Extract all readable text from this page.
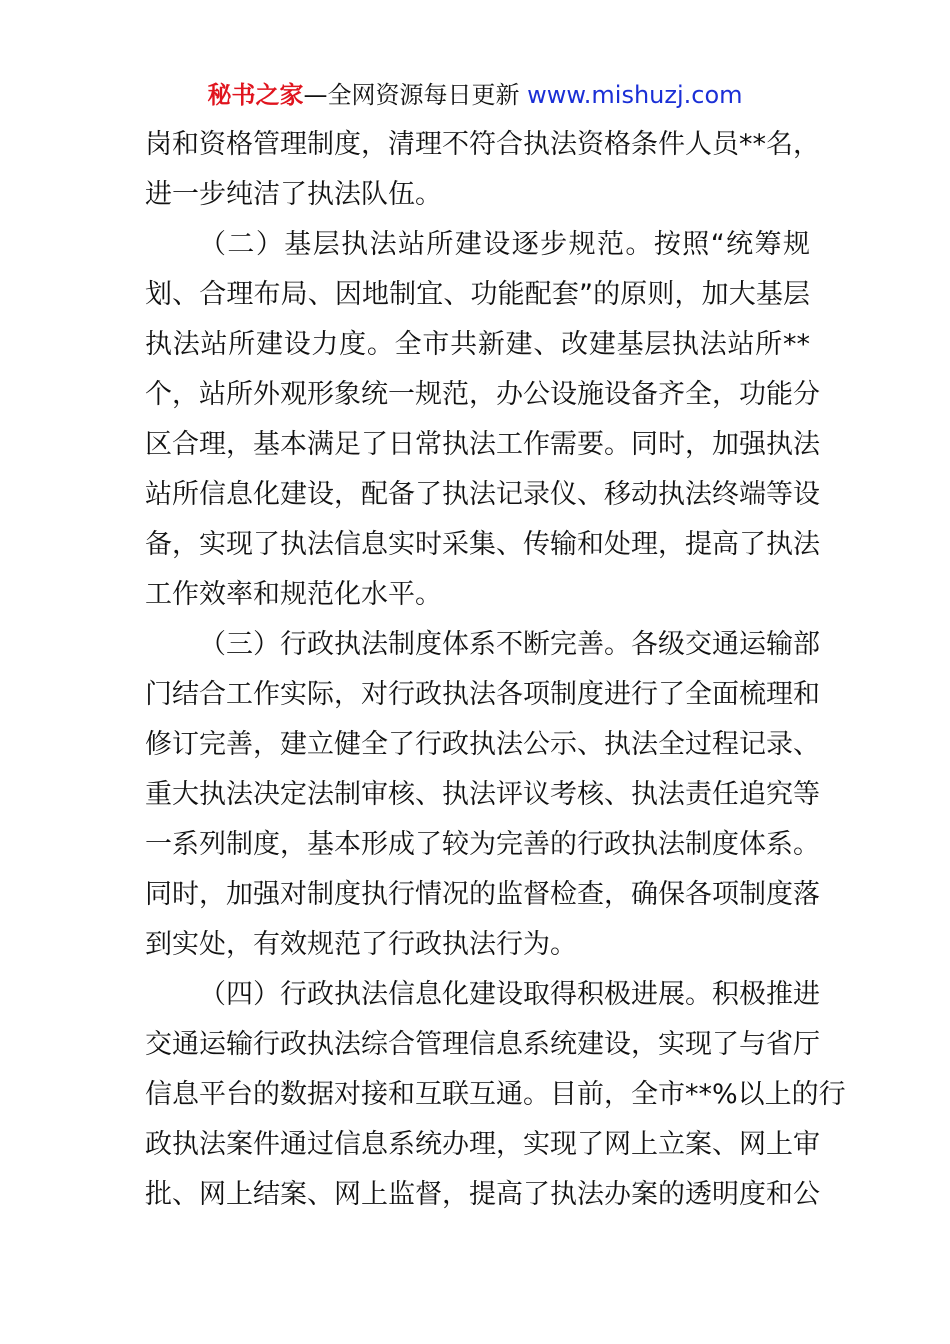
秘书之家—全网资源每日更新 www.mishuzj.com
岗和资格管理制度，清理不符合执法资格条件人员**名，
进一步纯洁了执法队伍。
（二）基层执法站所建设逐步规范。按照“统筹规
划、合理布局、因地制宜、功能配套”的原则，加大基层
执法站所建设力度。全市共新建、改建基层执法站所**
个，站所外观形象统一规范，办公设施设备齐全，功能分
区合理，基本满足了日常执法工作需要。同时，加强执法
站所信息化建设，配备了执法记录仪、移动执法终端等设
备，实现了执法信息实时采集、传输和处理，提高了执法
工作效率和规范化水平。
（三）行政执法制度体系不断完善。各级交通运输部
门结合工作实际，对行政执法各项制度进行了全面梳理和
修订完善，建立健全了行政执法公示、执法全过程记录、
重大执法决定法制审核、执法评议考核、执法责任追究等
一系列制度，基本形成了较为完善的行政执法制度体系。
同时，加强对制度执行情况的监督检查，确保各项制度落
到实处，有效规范了行政执法行为。
（四）行政执法信息化建设取得积极进展。积极推进
交通运输行政执法综合管理信息系统建设，实现了与省厅
信息平台的数据对接和互联互通。目前，全市**%以上的行
政执法案件通过信息系统办理，实现了网上立案、网上审
批、网上结案、网上监督，提高了执法办案的透明度和公
